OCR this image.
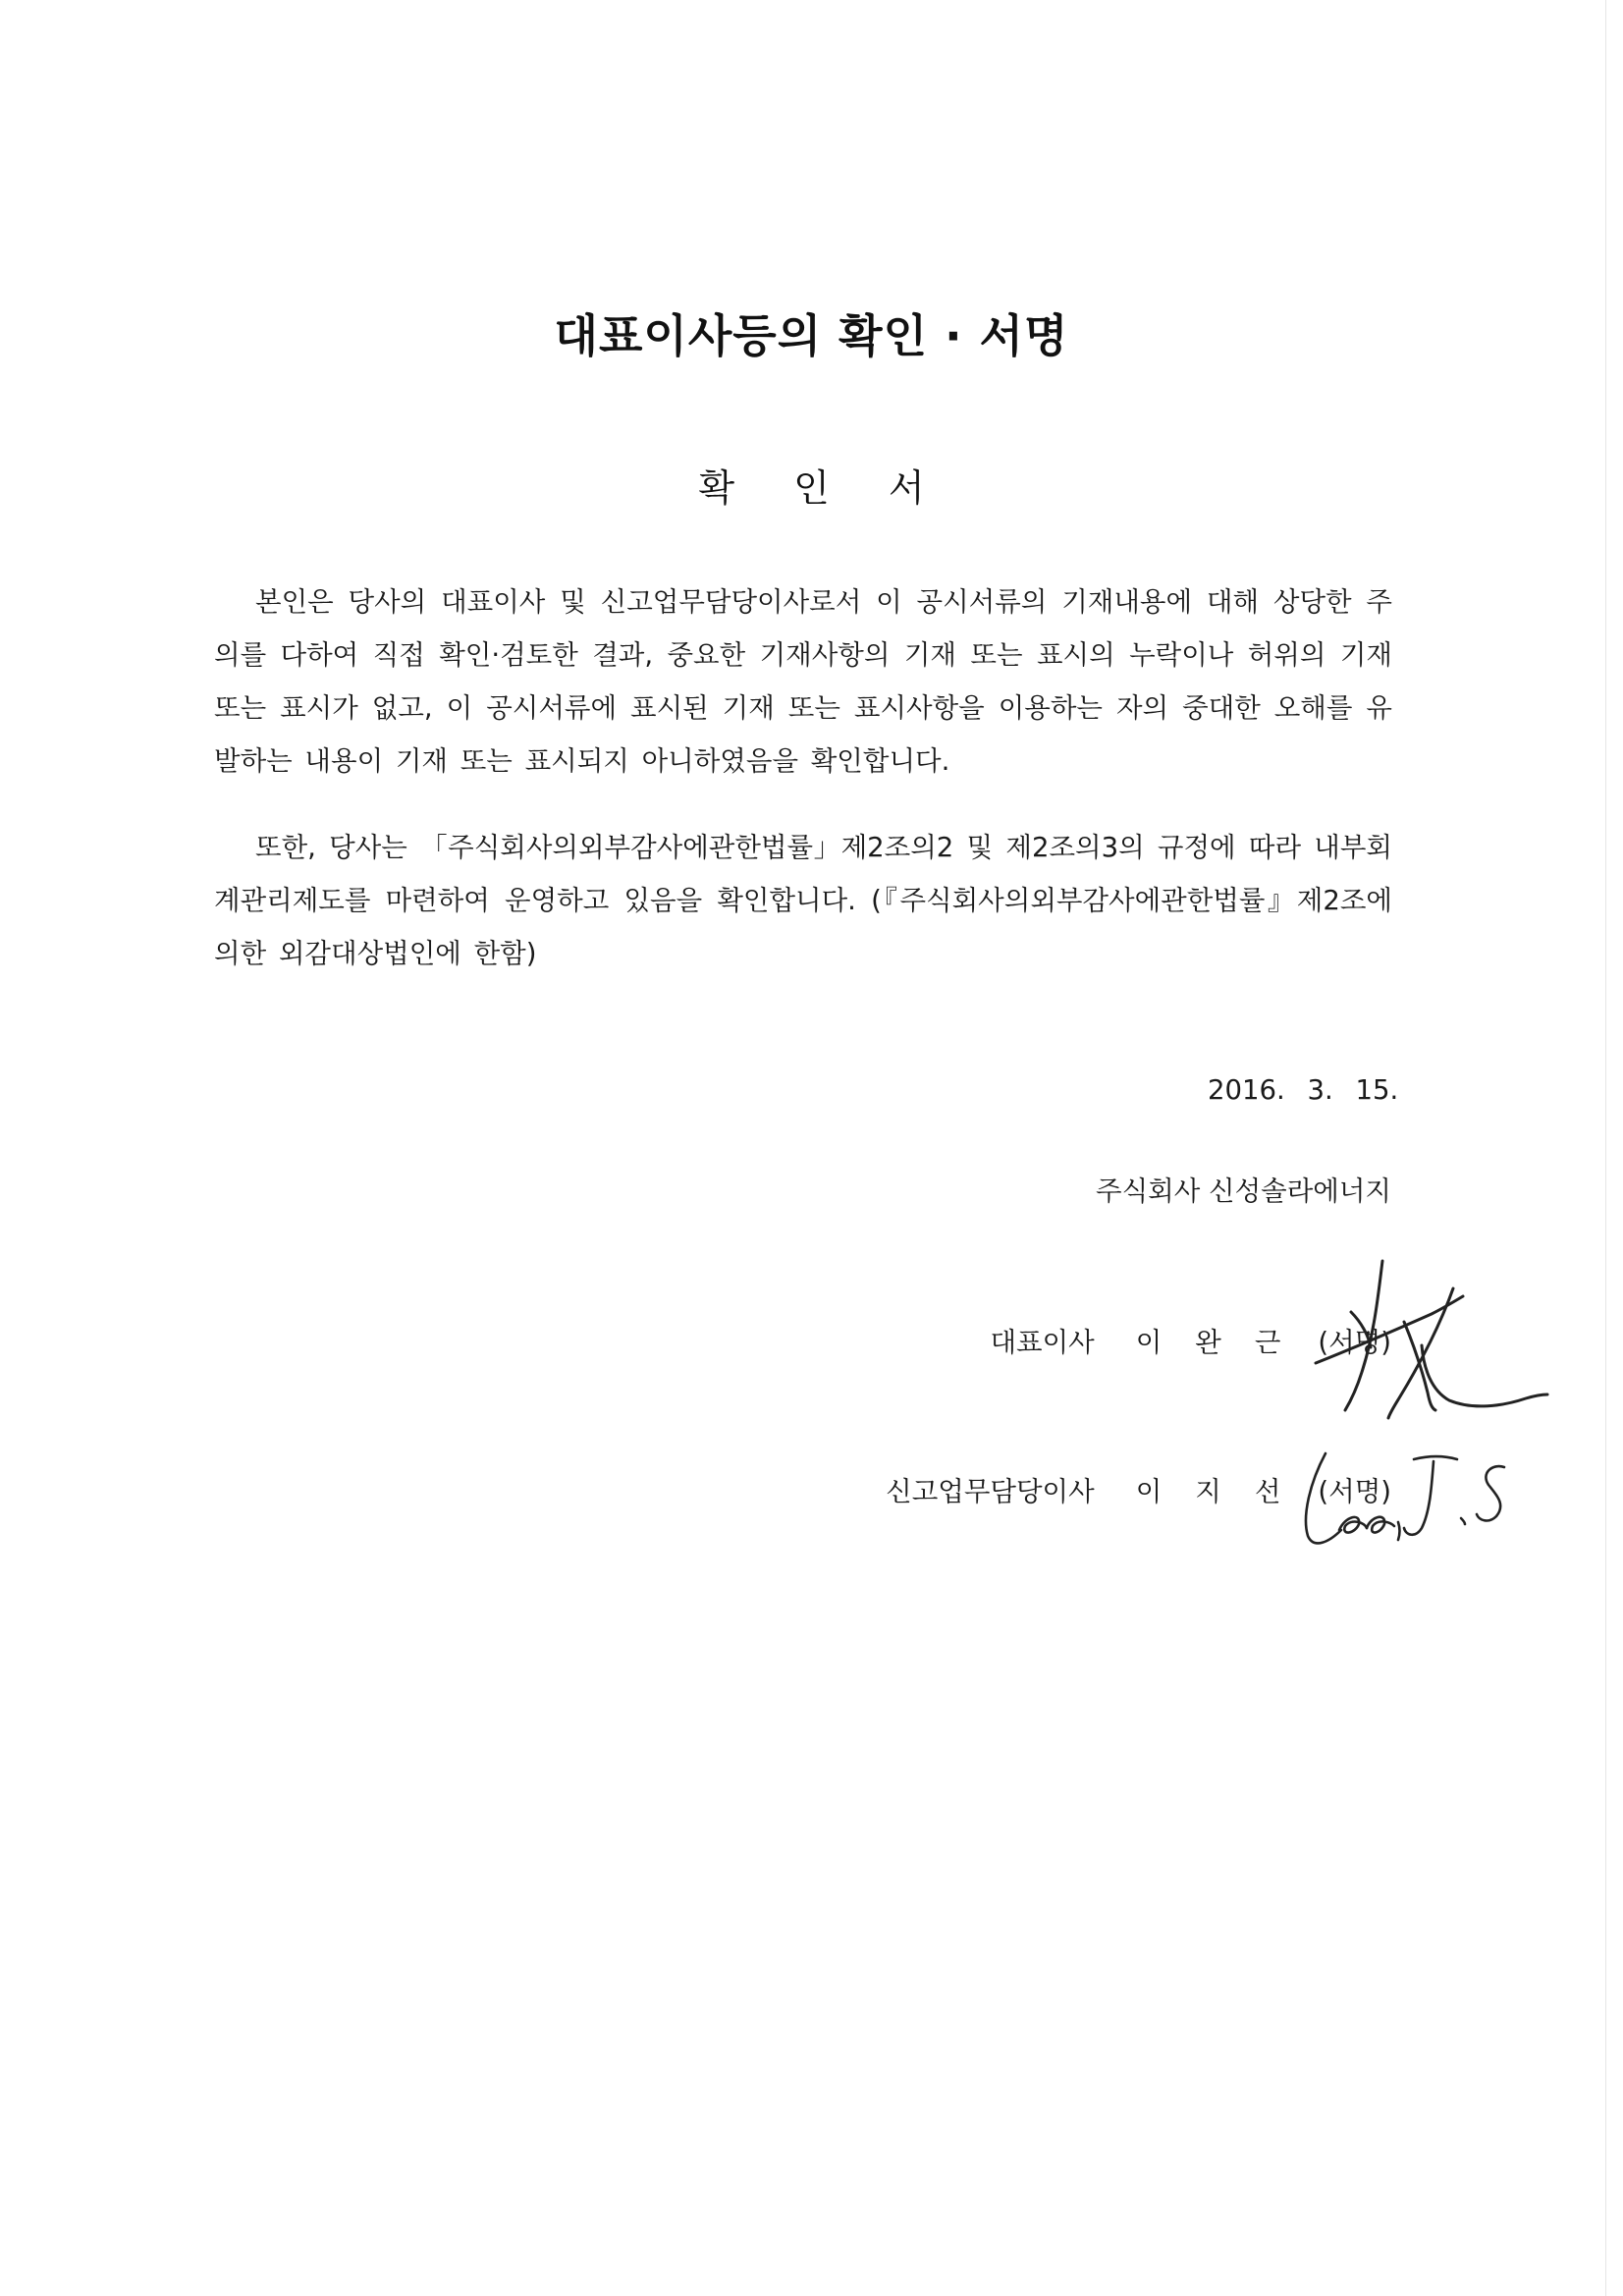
대표이사등의 확인 · 서명
확 인 서

본인은 당사의 대표이사 및 신고업무담당이사로서 이 공시서류의 기재내용에 대해 상당한 주의를 다하여 직접 확인·검토한 결과, 중요한 기재사항의 기재 또는 표시의 누락이나 허위의 기재 또는 표시가 없고, 이 공시서류에 표시된 기재 또는 표시사항을 이용하는 자의 중대한 오해를 유발하는 내용이 기재 또는 표시되지 아니하였음을 확인합니다.

또한, 당사는 「주식회사의외부감사에관한법률」제2조의2 및 제2조의3의 규정에 따라 내부회계관리제도를 마련하여 운영하고 있음을 확인합니다. (『주식회사의외부감사에관한법률』제2조에 의한 외감대상법인에 한함)

2016. 3. 15.
주식회사 신성솔라에너지
대표이사 이완근 (서명)
신고업무담당이사 이지선 (서명)
